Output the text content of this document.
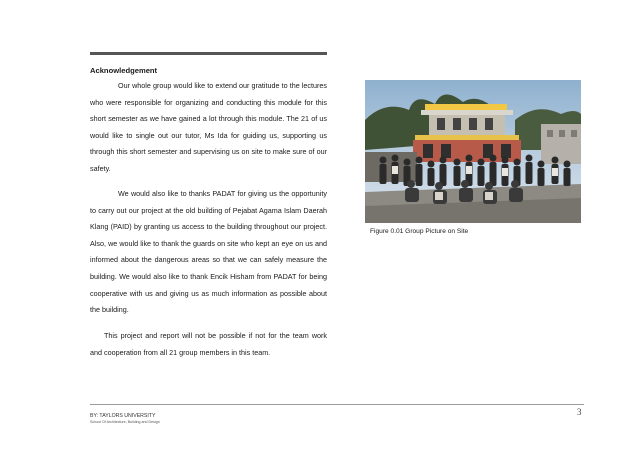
Acknowledgement

Our whole group would like to extend our gratitude to the lectures who were responsible for organizing and conducting this module for this short semester as we have gained a lot through this module. The 21 of us would like to single out our tutor, Ms Ida for guiding us, supporting us through this short semester and supervising us on site to make sure of our safety.

We would also like to thanks PADAT for giving us the opportunity to carry out our project at the old building of Pejabat Agama Islam Daerah Klang (PAID) by granting us access to the building throughout our project. Also, we would like to thank the guards on site who kept an eye on us and informed about the dangerous areas so that we can safely measure the building. We would also like to thank Encik Hisham from PADAT for being cooperative with us and giving us as much information as possible about the building.

This project and report will not be possible if not for the team work and cooperation from all 21 group members in this team.

Figure 0.01 Group Picture on Site
3
BY: TAYLORS UNIVERSITY
School Of Architecture, Building and Design
